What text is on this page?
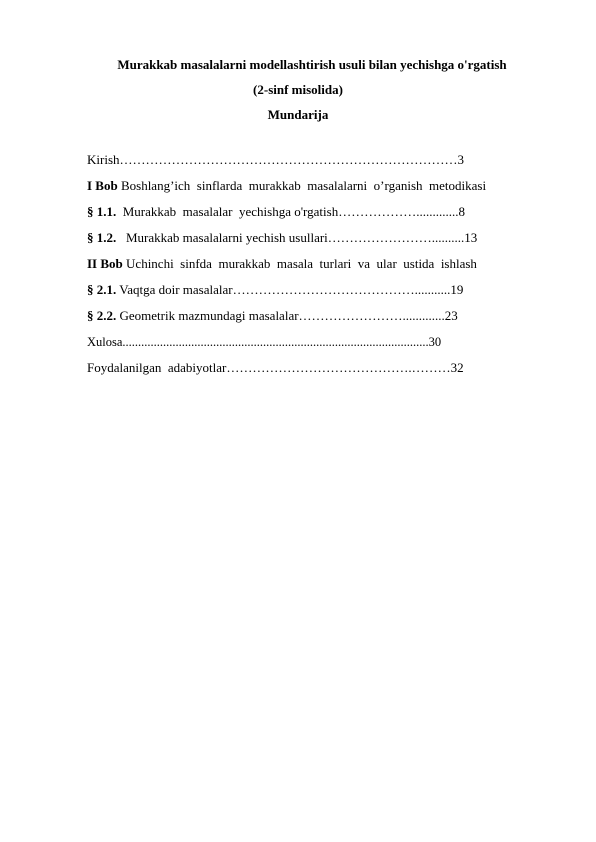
Murakkab masalalarni modellashtirish usuli bilan yechishga o'rgatish
(2-sinf misolida)
Mundarija
Kirish……………………………………………………………………3
I Bob Boshlang’ich  sinflarda  murakkab  masalalarni  o’rganish  metodikasi
§ 1.1.  Murakkab  masalalar  yechishga o'rgatish……………….............8
§ 1.2.   Murakkab masalalarni yechish usullari……………………..........13
II Bob Uchinchi  sinfda  murakkab  masala  turlari  va  ular  ustida  ishlash
§ 2.1. Vaqtga doir masalalar……………………………………...........19
§ 2.2. Geometrik mazmundagi masalalar…………………….............23
Xulosa..................................................................................................30
Foydalanilgan  adabiyotlar…………………………………….………32
